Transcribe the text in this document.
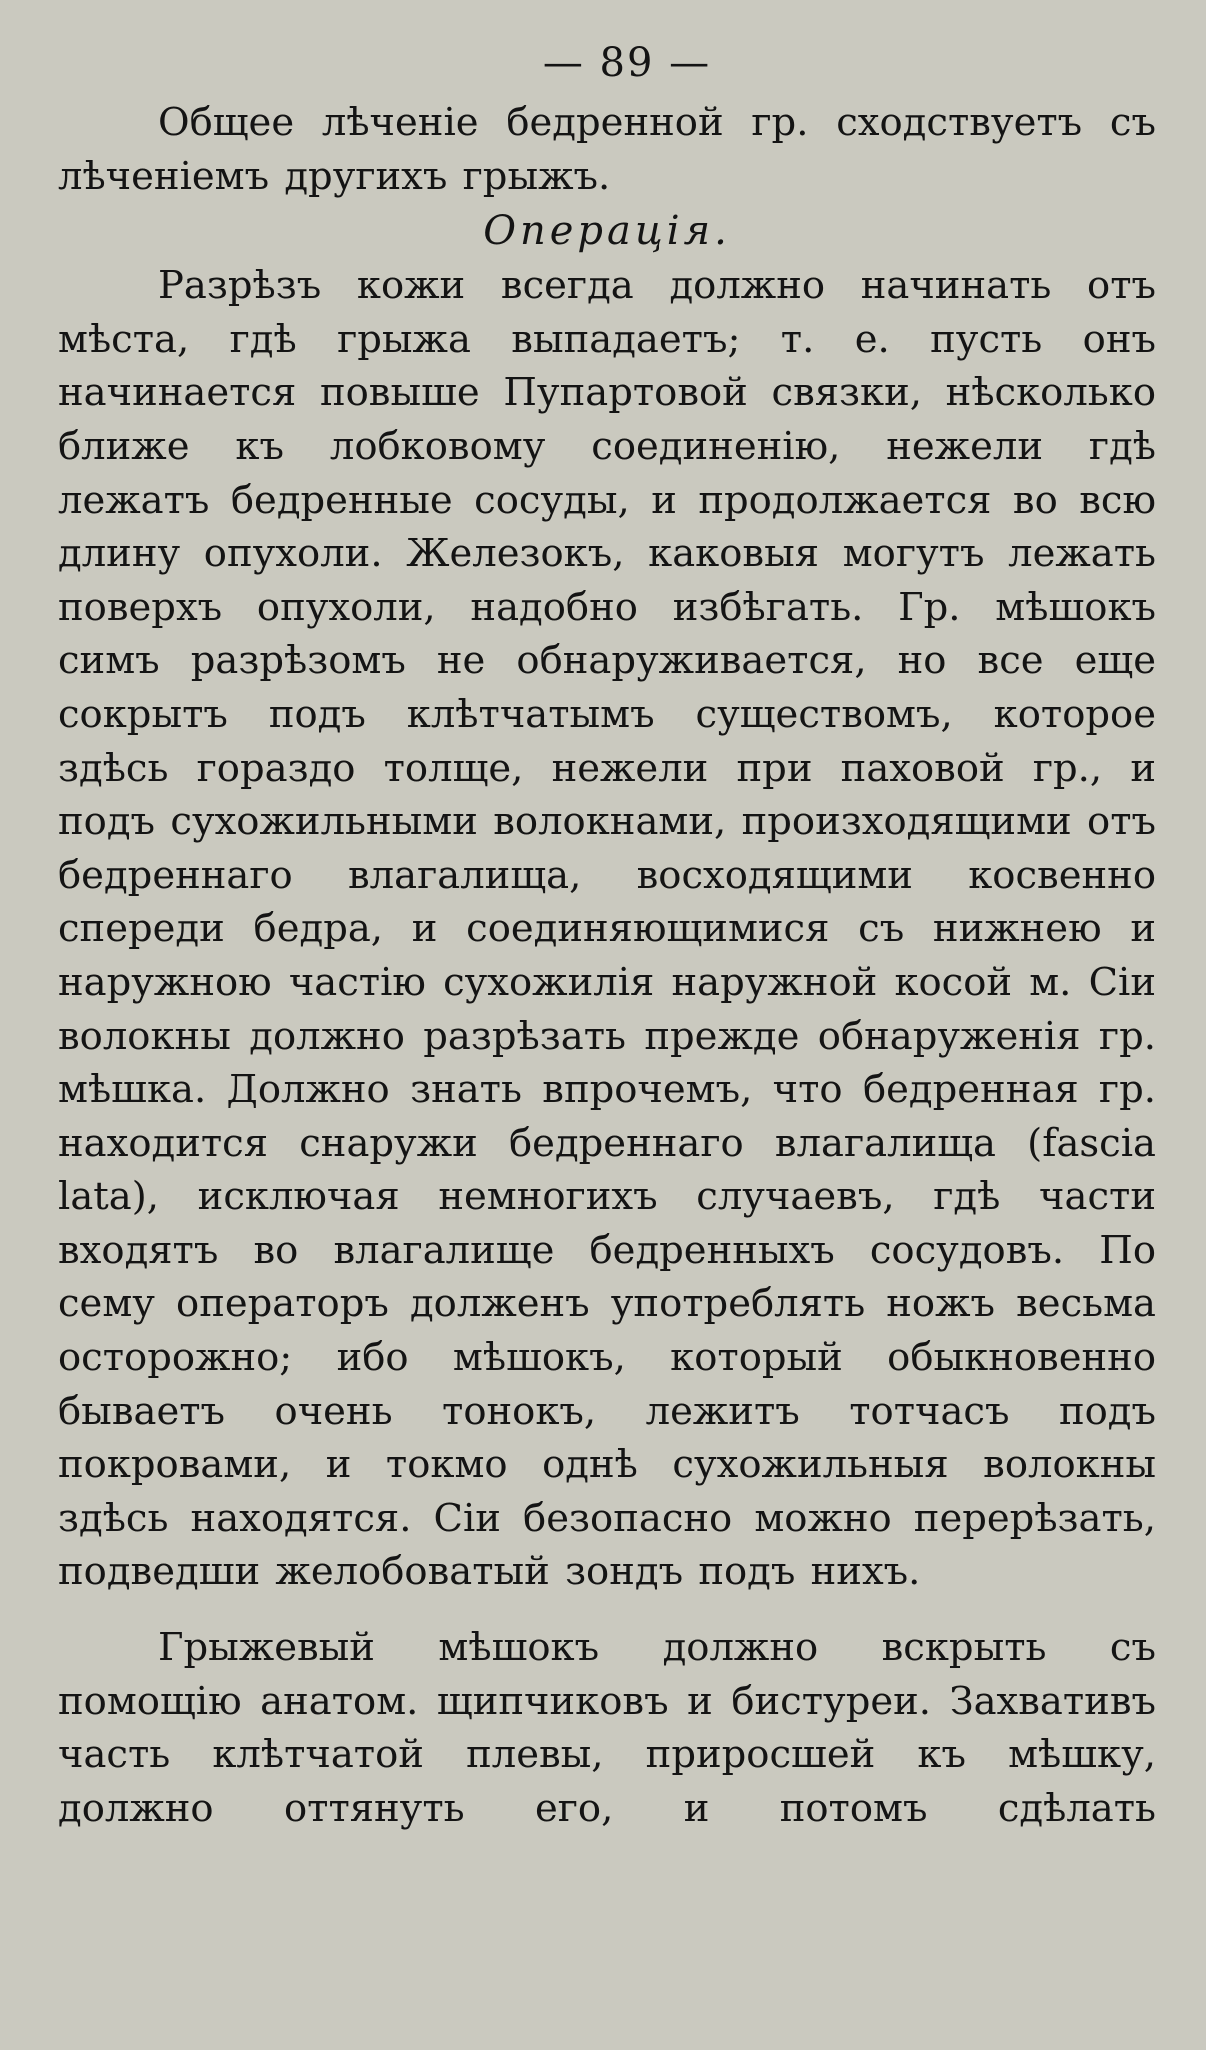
— 89 —

Общее лѣченіе бедренной гр. сходствуетъ съ лѣченіемъ другихъ грыжъ.

Операція.

Разрѣзъ кожи всегда должно начинать отъ мѣста, гдѣ грыжа выпадаетъ; т. е. пусть онъ начинается повыше Пупартовой связки, нѣсколько ближе къ лобковому соединенію, нежели гдѣ лежатъ бедренные сосуды, и продолжается во всю длину опухоли. Железокъ, каковыя могутъ лежать поверхъ опухоли, надобно избѣгать. Гр. мѣшокъ симъ разрѣзомъ не обнаруживается, но все еще сокрытъ подъ клѣтчатымъ существомъ, которое здѣсь гораздо толще, нежели при паховой гр., и подъ сухожильными волокнами, произходящими отъ бедреннаго влагалища, восходящими косвенно спереди бедра, и соединяющимися съ нижнею и наружною частію сухожилія наружной косой м. Сіи волокны должно разрѣзать прежде обнаруженія гр. мѣшка. Должно знать впрочемъ, что бедренная гр. находится снаружи бедреннаго влагалища (fascia lata), исключая немногихъ случаевъ, гдѣ части входятъ во влагалище бедренныхъ сосудовъ. По сему операторъ долженъ употреблять ножъ весьма осторожно; ибо мѣшокъ, который обыкновенно бываетъ очень тонокъ, лежитъ тотчасъ подъ покровами, и токмо однѣ сухожильныя волокны здѣсь находятся. Сіи безопасно можно перерѣзать, подведши желобоватый зондъ подъ нихъ.

Грыжевый мѣшокъ должно вскрыть съ помощію анатом. щипчиковъ и бистуреи. Захвативъ часть клѣтчатой плевы, приросшей къ мѣшку, должно оттянуть его, и потомъ сдѣлать
